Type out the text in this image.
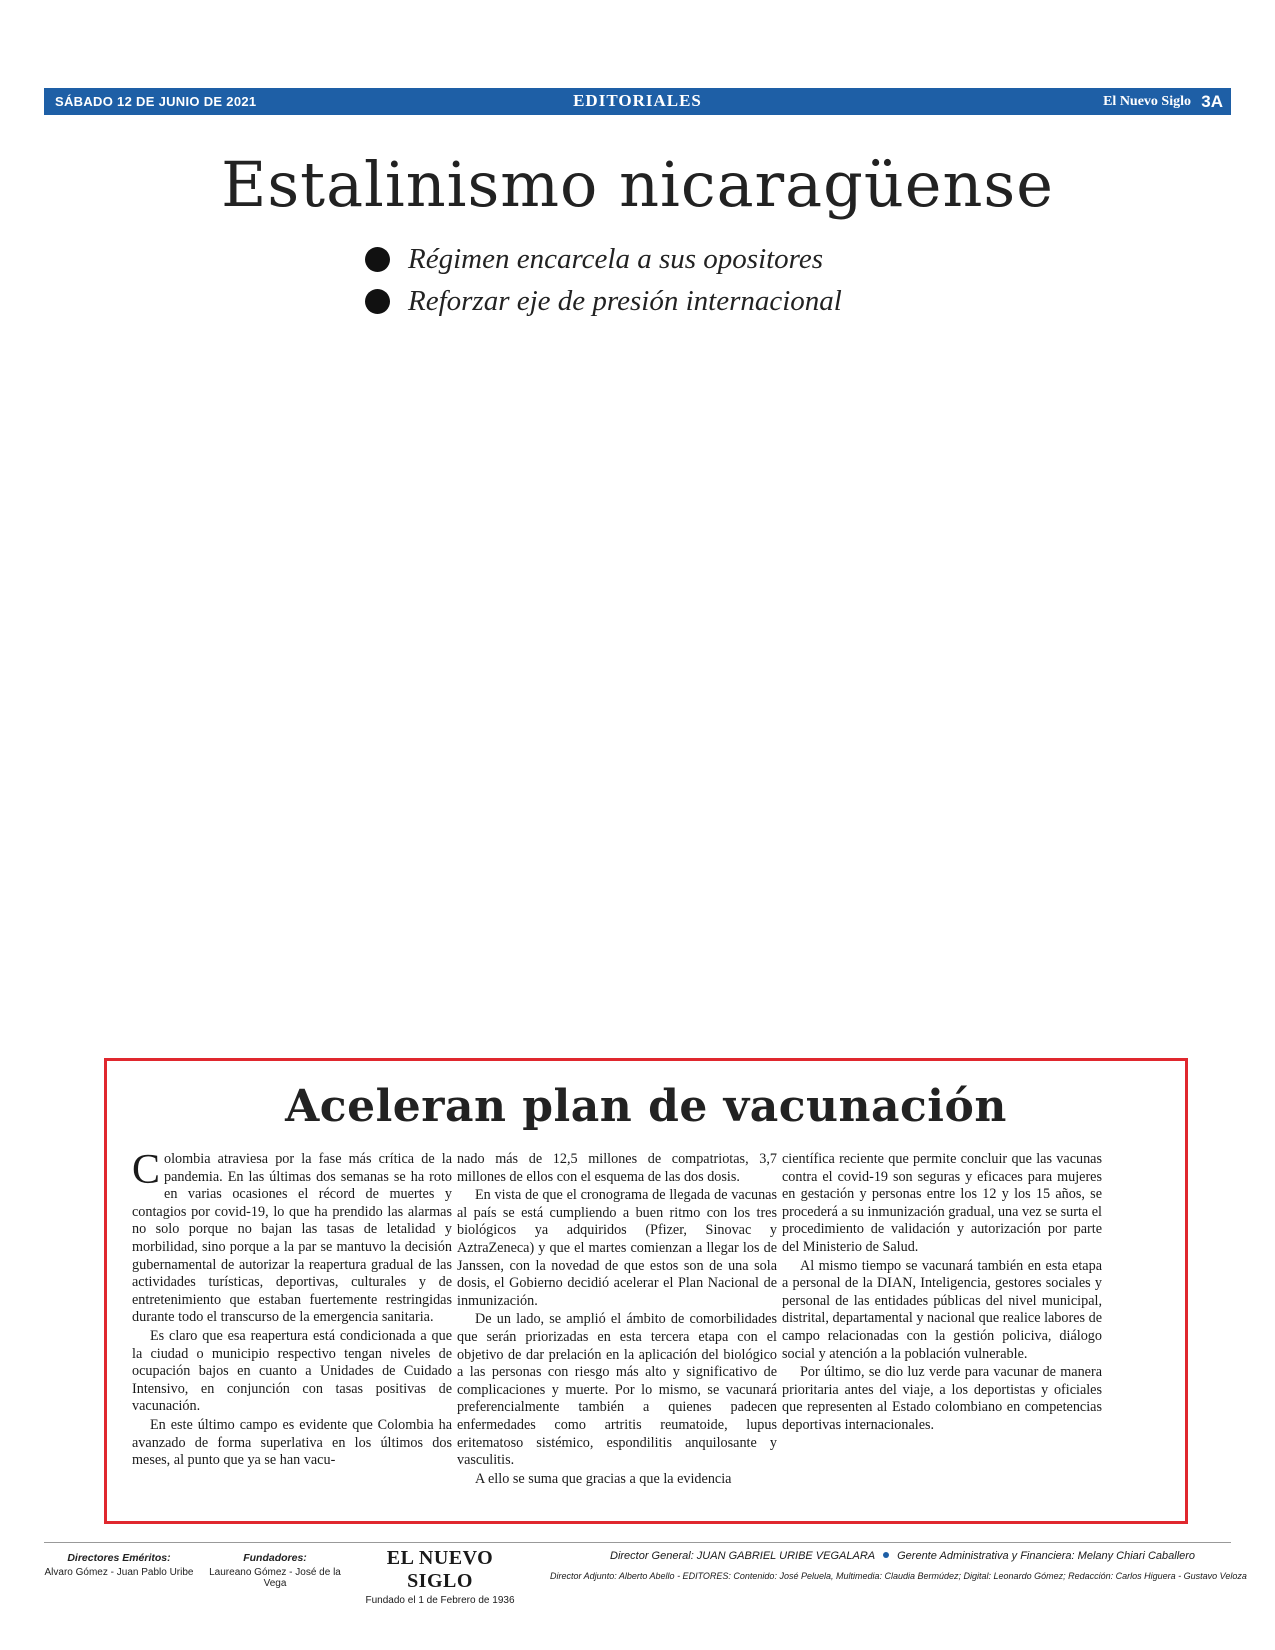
SÁBADO 12 DE JUNIO DE 2021	EDITORIALES	El Nuevo Siglo 3A
Estalinismo nicaragüense
Régimen encarcela a sus opositores
Reforzar eje de presión internacional

Aceleran plan de vacunación

Colombia atraviesa por la fase más crítica de la pandemia. En las últimas dos semanas se ha roto en varias ocasiones el récord de muertes y contagios por covid-19, lo que ha prendido las alarmas no solo porque no bajan las tasas de letalidad y morbilidad, sino porque a la par se mantuvo la decisión gubernamental de autorizar la reapertura gradual de las actividades turísticas, deportivas, culturales y de entretenimiento que estaban fuertemente restringidas durante todo el transcurso de la emergencia sanitaria.

Es claro que esa reapertura está condicionada a que la ciudad o municipio respectivo tengan niveles de ocupación bajos en cuanto a Unidades de Cuidado Intensivo, en conjunción con tasas positivas de vacunación.

En este último campo es evidente que Colombia ha avanzado de forma superlativa en los últimos dos meses, al punto que ya se han vacu-

nado más de 12,5 millones de compatriotas, 3,7 millones de ellos con el esquema de las dos dosis.

En vista de que el cronograma de llegada de vacunas al país se está cumpliendo a buen ritmo con los tres biológicos ya adquiridos (Pfizer, Sinovac y AztraZeneca) y que el martes comienzan a llegar los de Janssen, con la novedad de que estos son de una sola dosis, el Gobierno decidió acelerar el Plan Nacional de inmunización.

De un lado, se amplió el ámbito de comorbilidades que serán priorizadas en esta tercera etapa con el objetivo de dar prelación en la aplicación del biológico a las personas con riesgo más alto y significativo de complicaciones y muerte. Por lo mismo, se vacunará preferencialmente también a quienes padecen enfermedades como artritis reumatoide, lupus eritematoso sistémico, espondilitis anquilosante y vasculitis.

A ello se suma que gracias a que la evidencia

científica reciente que permite concluir que las vacunas contra el covid-19 son seguras y eficaces para mujeres en gestación y personas entre los 12 y los 15 años, se procederá a su inmunización gradual, una vez se surta el procedimiento de validación y autorización por parte del Ministerio de Salud.

Al mismo tiempo se vacunará también en esta etapa a personal de la DIAN, Inteligencia, gestores sociales y personal de las entidades públicas del nivel municipal, distrital, departamental y nacional que realice labores de campo relacionadas con la gestión policiva, diálogo social y atención a la población vulnerable.

Por último, se dio luz verde para vacunar de manera prioritaria antes del viaje, a los deportistas y oficiales que representen al Estado colombiano en competencias deportivas internacionales.

Directores Eméritos:
Alvaro Gómez - Juan Pablo Uribe
Fundadores:
Laureano Gómez - José de la Vega
EL NUEVO SIGLO
Fundado el 1 de Febrero de 1936
Director General: JUAN GABRIEL URIBE VEGALARA Gerente Administrativa y Financiera: Melany Chiari Caballero
Director Adjunto: Alberto Abello - EDITORES: Contenido: José Peluela, Multimedia: Claudia Bermúdez; Digital: Leonardo Gómez; Redacción: Carlos Higuera - Gustavo Veloza
